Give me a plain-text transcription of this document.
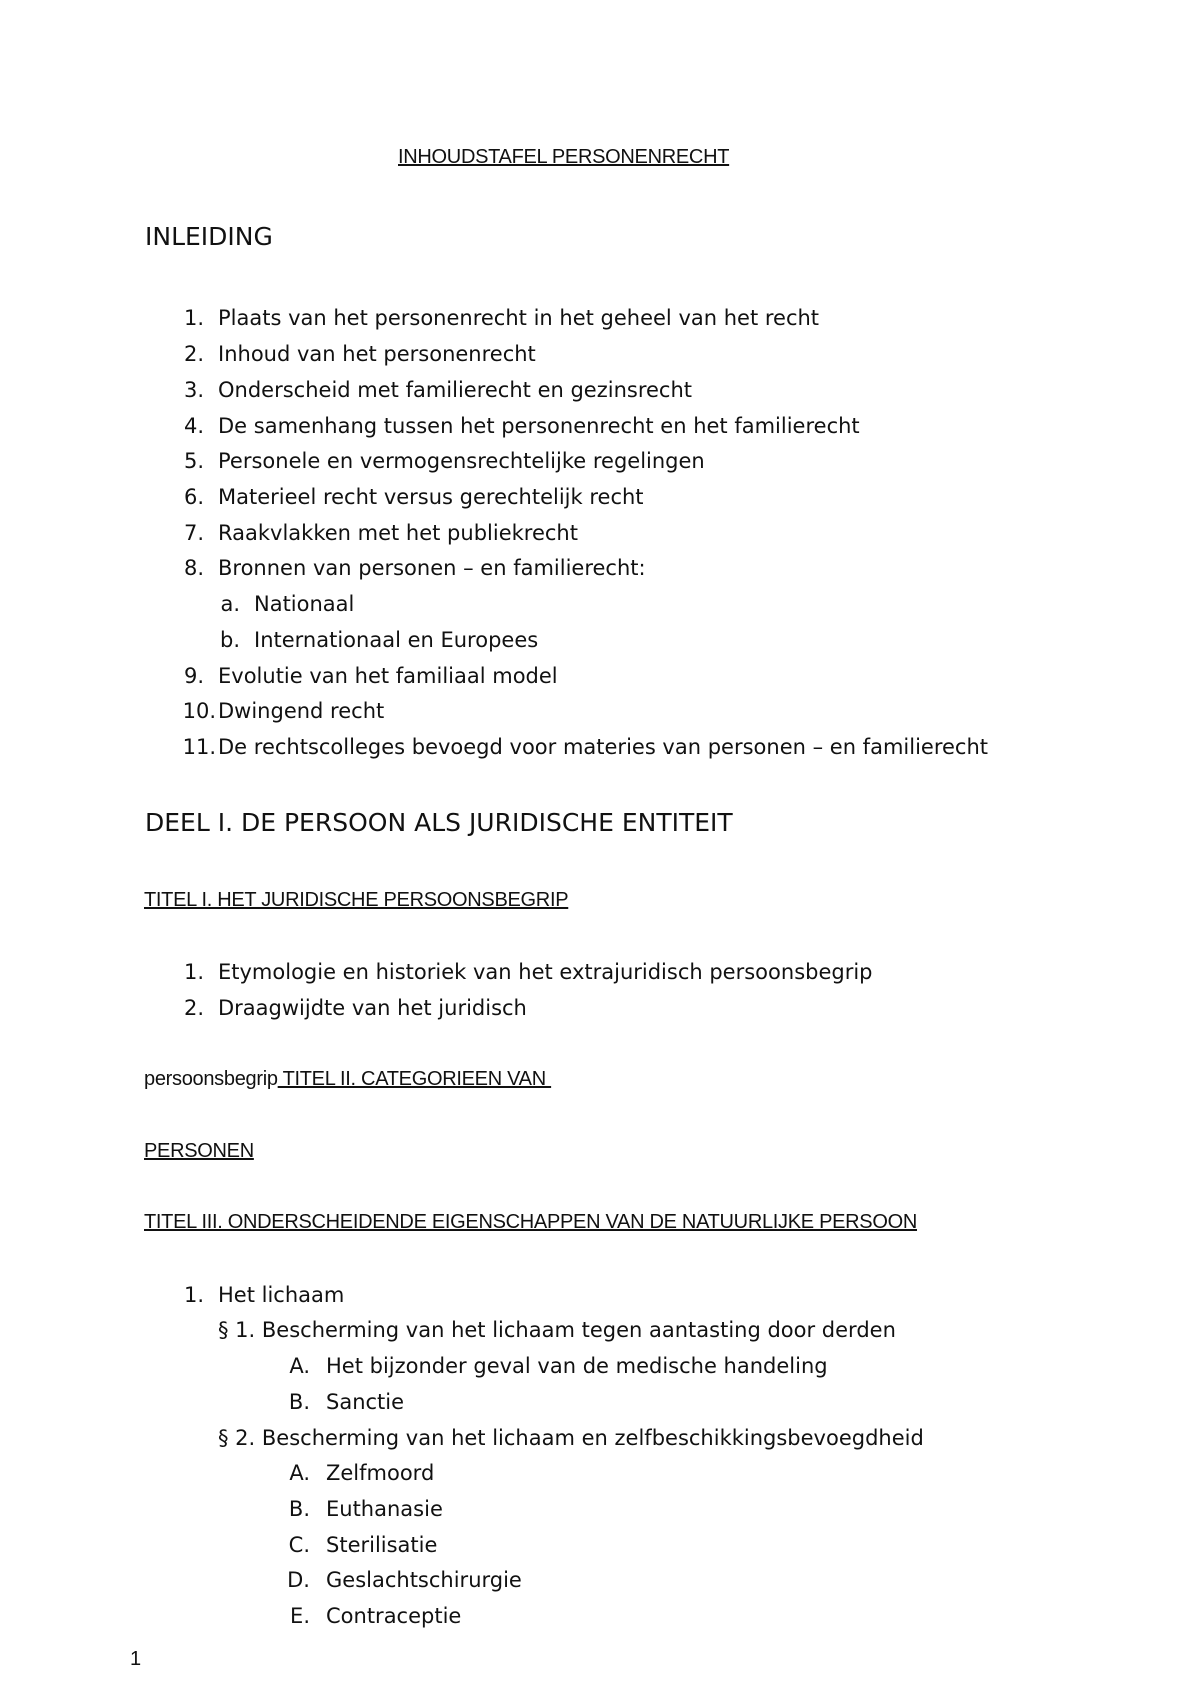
INHOUDSTAFEL PERSONENRECHT
INLEIDING
1. Plaats van het personenrecht in het geheel van het recht
2. Inhoud van het personenrecht
3. Onderscheid met familierecht en gezinsrecht
4. De samenhang tussen het personenrecht en het familierecht
5. Personele en vermogensrechtelijke regelingen
6. Materieel recht versus gerechtelijk recht
7. Raakvlakken met het publiekrecht
8. Bronnen van personen – en familierecht:
a. Nationaal
b. Internationaal en Europees
9. Evolutie van het familiaal model
10. Dwingend recht
11. De rechtscolleges bevoegd voor materies van personen – en familierecht
DEEL I. DE PERSOON ALS JURIDISCHE ENTITEIT
TITEL I. HET JURIDISCHE PERSOONSBEGRIP
1. Etymologie en historiek van het extrajuridisch persoonsbegrip
2. Draagwijdte van het juridisch
persoonsbegrip TITEL II. CATEGORIEEN VAN
PERSONEN
TITEL III. ONDERSCHEIDENDE EIGENSCHAPPEN VAN DE NATUURLIJKE PERSOON
1. Het lichaam
§ 1. Bescherming van het lichaam tegen aantasting door derden
A. Het bijzonder geval van de medische handeling
B. Sanctie
§ 2. Bescherming van het lichaam en zelfbeschikkingsbevoegdheid
A. Zelfmoord
B. Euthanasie
C. Sterilisatie
D. Geslachtschirurgie
E. Contraceptie
1
